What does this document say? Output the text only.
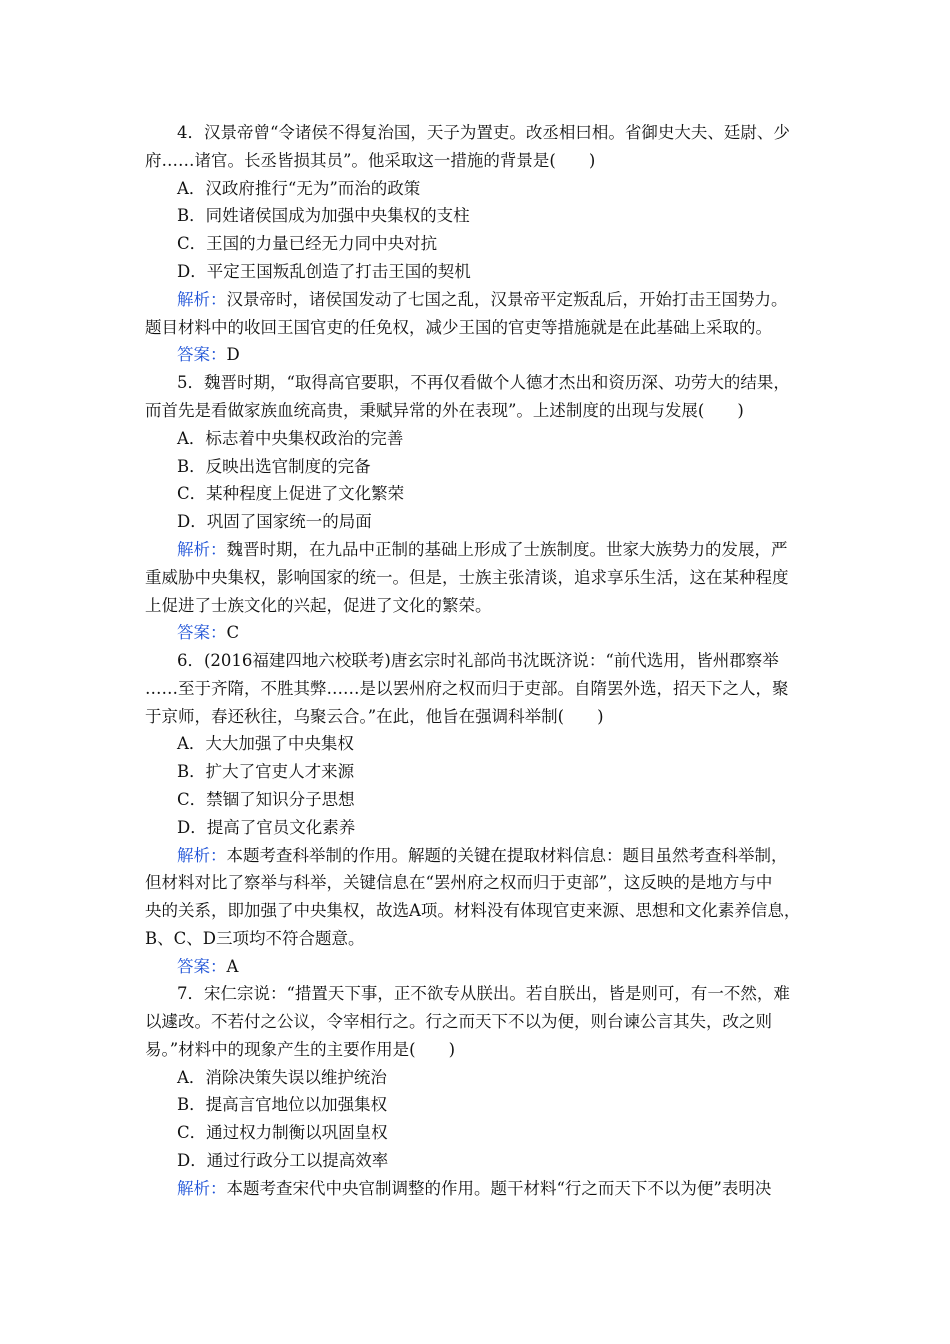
4．汉景帝曾“令诸侯不得复治国，天子为置吏。改丞相曰相。省御史大夫、廷尉、少
府……诸官。长丞皆损其员”。他采取这一措施的背景是(　　)
A．汉政府推行“无为”而治的政策
B．同姓诸侯国成为加强中央集权的支柱
C．王国的力量已经无力同中央对抗
D．平定王国叛乱创造了打击王国的契机
解析：汉景帝时，诸侯国发动了七国之乱，汉景帝平定叛乱后，开始打击王国势力。
题目材料中的收回王国官吏的任免权，减少王国的官吏等措施就是在此基础上采取的。
答案：D
5．魏晋时期，“取得高官要职，不再仅看做个人德才杰出和资历深、功劳大的结果，
而首先是看做家族血统高贵，秉赋异常的外在表现”。上述制度的出现与发展(　　)
A．标志着中央集权政治的完善
B．反映出选官制度的完备
C．某种程度上促进了文化繁荣
D．巩固了国家统一的局面
解析：魏晋时期，在九品中正制的基础上形成了士族制度。世家大族势力的发展，严
重威胁中央集权，影响国家的统一。但是，士族主张清谈，追求享乐生活，这在某种程度
上促进了士族文化的兴起，促进了文化的繁荣。
答案：C
6．(2016福建四地六校联考)唐玄宗时礼部尚书沈既济说：“前代选用，皆州郡察举
……至于齐隋，不胜其弊……是以罢州府之权而归于吏部。自隋罢外选，招天下之人，聚
于京师，春还秋往，乌聚云合。”在此，他旨在强调科举制(　　)
A．大大加强了中央集权
B．扩大了官吏人才来源
C．禁锢了知识分子思想
D．提高了官员文化素养
解析：本题考查科举制的作用。解题的关键在提取材料信息：题目虽然考查科举制，
但材料对比了察举与科举，关键信息在“罢州府之权而归于吏部”，这反映的是地方与中
央的关系，即加强了中央集权，故选A项。材料没有体现官吏来源、思想和文化素养信息，
B、C、D三项均不符合题意。
答案：A
7．宋仁宗说：“措置天下事，正不欲专从朕出。若自朕出，皆是则可，有一不然，难
以遽改。不若付之公议，令宰相行之。行之而天下不以为便，则台谏公言其失，改之则
易。”材料中的现象产生的主要作用是(　　)
A．消除决策失误以维护统治
B．提高言官地位以加强集权
C．通过权力制衡以巩固皇权
D．通过行政分工以提高效率
解析：本题考查宋代中央官制调整的作用。题干材料“行之而天下不以为便”表明决
